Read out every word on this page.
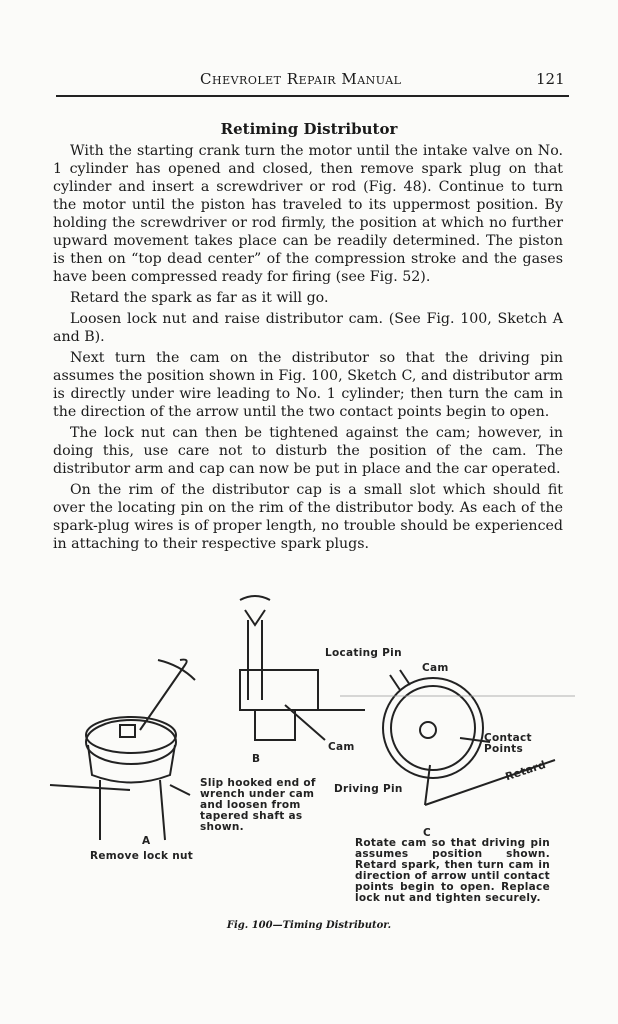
Chevrolet Repair Manual	121
Retiming Distributor

With the starting crank turn the motor until the intake valve on No. 1 cylinder has opened and closed, then remove spark plug on that cylinder and insert a screwdriver or rod (Fig. 48). Continue to turn the motor until the piston has traveled to its uppermost position. By holding the screwdriver or rod firmly, the position at which no further upward movement takes place can be readily determined. The piston is then on “top dead center” of the compression stroke and the gases have been compressed ready for firing (see Fig. 52).

Retard the spark as far as it will go.

Loosen lock nut and raise distributor cam. (See Fig. 100, Sketch A and B).

Next turn the cam on the distributor so that the driving pin assumes the position shown in Fig. 100, Sketch C, and distributor arm is directly under wire leading to No. 1 cylinder; then turn the cam in the direction of the arrow until the two contact points begin to open.

The lock nut can then be tightened against the cam; however, in doing this, use care not to disturb the position of the cam. The distributor arm and cap can now be put in place and the car operated.

On the rim of the distributor cap is a small slot which should fit over the locating pin on the rim of the distributor body. As each of the spark-plug wires is of proper length, no trouble should be experienced in attaching to their respective spark plugs.

Locating Pin
Cam
Cam
Contact Points
Retard
Driving Pin
B
A
C
Remove lock nut
Slip hooked end of wrench under cam and loosen from tapered shaft as shown.
Rotate cam so that driving pin assumes position shown. Retard spark, then turn cam in direction of arrow until contact points begin to open. Replace lock nut and tighten securely.
Fig. 100—Timing Distributor.
